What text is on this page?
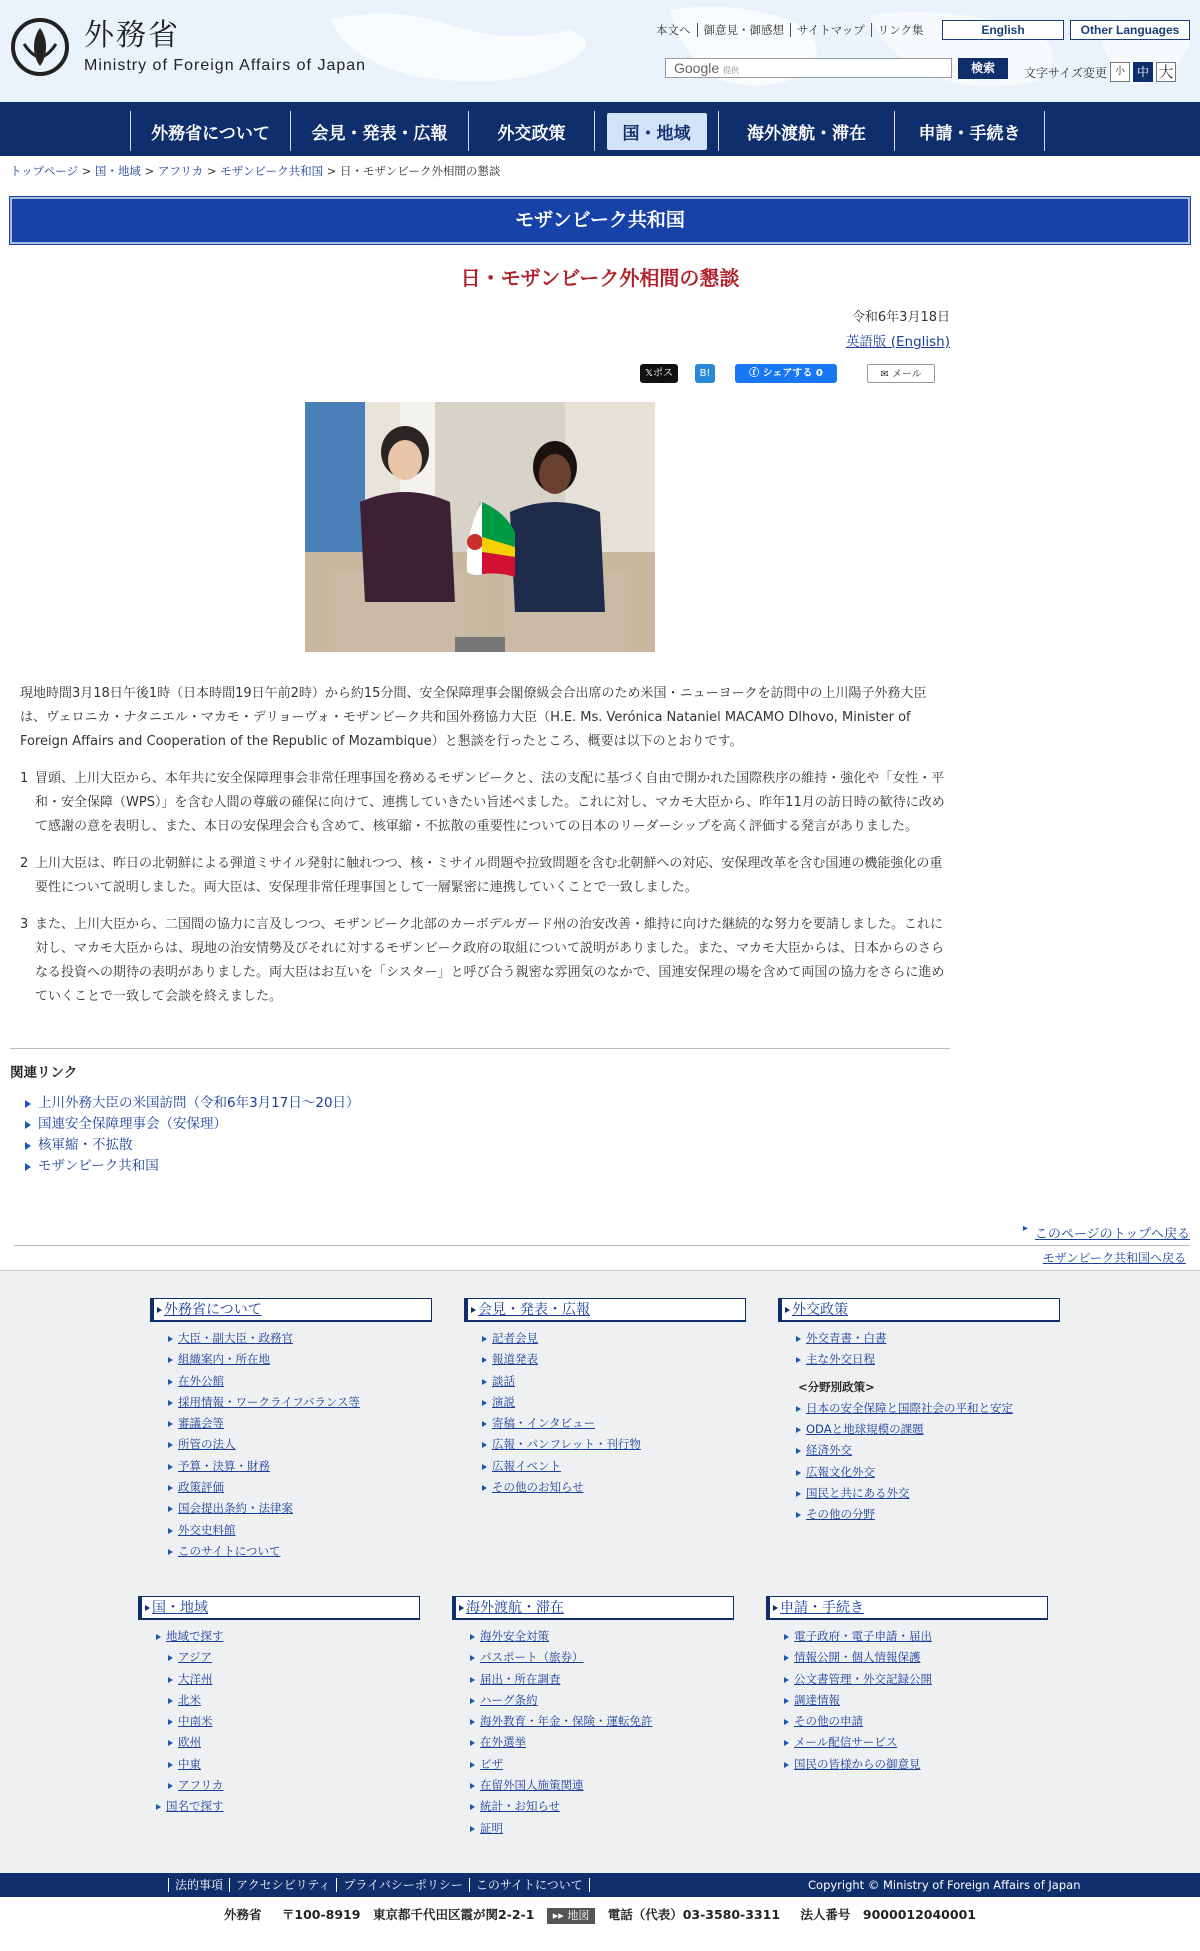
外務省
Ministry of Foreign Affairs of Japan
本文へ	御意見・御感想	サイトマップ	リンク集	English	Other Languages
Google 提供	検索	文字サイズ変更 小 中 大
外務省について	会見・発表・広報	外交政策	国・地域	海外渡航・滞在	申請・手続き
トップページ > 国・地域 > アフリカ > モザンビーク共和国 > 日・モザンビーク外相間の懇談
モザンビーク共和国
日・モザンビーク外相間の懇談
令和6年3月18日
英語版 (English)
𝕏ポスト
B!	ⓕ シェアする 0	✉ メール

現地時間3月18日午後1時（日本時間19日午前2時）から約15分間、安全保障理事会閣僚級会合出席のため米国・ニューヨークを訪問中の上川陽子外務大臣は、ヴェロニカ・ナタニエル・マカモ・デリョーヴォ・モザンビーク共和国外務協力大臣（H.E. Ms. Verónica Nataniel MACAMO Dlhovo, Minister of Foreign Affairs and Cooperation of the Republic of Mozambique）と懇談を行ったところ、概要は以下のとおりです。

1 冒頭、上川大臣から、本年共に安全保障理事会非常任理事国を務めるモザンビークと、法の支配に基づく自由で開かれた国際秩序の維持・強化や「女性・平和・安全保障（WPS）」を含む人間の尊厳の確保に向けて、連携していきたい旨述べました。これに対し、マカモ大臣から、昨年11月の訪日時の歓待に改めて感謝の意を表明し、また、本日の安保理会合も含めて、核軍縮・不拡散の重要性についての日本のリーダーシップを高く評価する発言がありました。
2 上川大臣は、昨日の北朝鮮による弾道ミサイル発射に触れつつ、核・ミサイル問題や拉致問題を含む北朝鮮への対応、安保理改革を含む国連の機能強化の重要性について説明しました。両大臣は、安保理非常任理事国として一層緊密に連携していくことで一致しました。
3 また、上川大臣から、二国間の協力に言及しつつ、モザンビーク北部のカーボデルガード州の治安改善・維持に向けた継続的な努力を要請しました。これに対し、マカモ大臣からは、現地の治安情勢及びそれに対するモザンビーク政府の取組について説明がありました。また、マカモ大臣からは、日本からのさらなる投資への期待の表明がありました。両大臣はお互いを「シスター」と呼び合う親密な雰囲気のなかで、国連安保理の場を含めて両国の協力をさらに進めていくことで一致して会談を終えました。
関連リンク
上川外務大臣の米国訪問（令和6年3月17日～20日）
国連安全保障理事会（安保理）
核軍縮・不拡散
モザンビーク共和国
▸ このページのトップへ戻る
モザンビーク共和国へ戻る
外務省について
大臣・副大臣・政務官
組織案内・所在地
在外公館
採用情報・ワークライフバランス等
審議会等
所管の法人
予算・決算・財務
政策評価
国会提出条約・法律案
外交史料館
このサイトについて
会見・発表・広報
記者会見
報道発表
談話
演説
寄稿・インタビュー
広報・パンフレット・刊行物
広報イベント
その他のお知らせ
外交政策
外交青書・白書
主な外交日程
<分野別政策>
日本の安全保障と国際社会の平和と安定
ODAと地球規模の課題
経済外交
広報文化外交
国民と共にある外交
その他の分野
国・地域
地域で探す
アジア
大洋州
北米
中南米
欧州
中東
アフリカ
国名で探す
海外渡航・滞在
海外安全対策
パスポート（旅券）
届出・所在調査
ハーグ条約
海外教育・年金・保険・運転免許
在外選挙
ビザ
在留外国人施策関連
統計・お知らせ
証明
申請・手続き
電子政府・電子申請・届出
情報公開・個人情報保護
公文書管理・外交記録公開
調達情報
その他の申請
メール配信サービス
国民の皆様からの御意見
法的事項	アクセシビリティ	プライバシーポリシー	このサイトについて	Copyright © Ministry of Foreign Affairs of Japan
外務省 〒100-8919　東京都千代田区霞が関2-2-1 ▸▸ 地図 電話（代表）03-3580-3311 法人番号　9000012040001
